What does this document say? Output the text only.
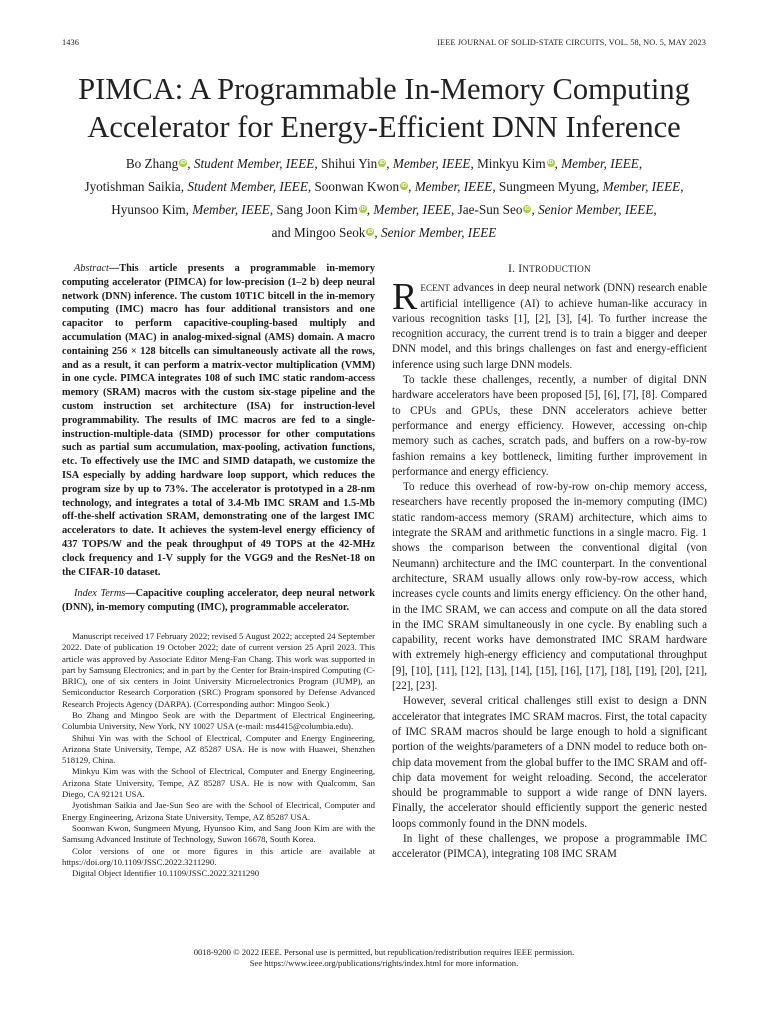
1436	IEEE JOURNAL OF SOLID-STATE CIRCUITS, VOL. 58, NO. 5, MAY 2023
PIMCA: A Programmable In-Memory Computing
Accelerator for Energy-Efficient DNN Inference
Bo Zhang iD, Student Member, IEEE, Shihui Yin iD, Member, IEEE, Minkyu Kim iD, Member, IEEE,
Jyotishman Saikia, Student Member, IEEE, Soonwan Kwon iD, Member, IEEE, Sungmeen Myung, Member, IEEE,
Hyunsoo Kim, Member, IEEE, Sang Joon Kim iD, Member, IEEE, Jae-Sun Seo iD, Senior Member, IEEE,
and Mingoo Seok iD, Senior Member, IEEE

Abstract—This article presents a programmable in-memory computing accelerator (PIMCA) for low-precision (1–2 b) deep neural network (DNN) inference. The custom 10T1C bitcell in the in-memory computing (IMC) macro has four additional transistors and one capacitor to perform capacitive-coupling-based multiply and accumulation (MAC) in analog-mixed-signal (AMS) domain. A macro containing 256 × 128 bitcells can simultaneously activate all the rows, and as a result, it can perform a matrix-vector multiplication (VMM) in one cycle. PIMCA integrates 108 of such IMC static random-access memory (SRAM) macros with the custom six-stage pipeline and the custom instruction set architecture (ISA) for instruction-level programmability. The results of IMC macros are fed to a single-instruction-multiple-data (SIMD) processor for other computations such as partial sum accumulation, max-pooling, activation functions, etc. To effectively use the IMC and SIMD datapath, we customize the ISA especially by adding hardware loop support, which reduces the program size by up to 73%. The accelerator is prototyped in a 28-nm technology, and integrates a total of 3.4-Mb IMC SRAM and 1.5-Mb off-the-shelf activation SRAM, demonstrating one of the largest IMC accelerators to date. It achieves the system-level energy efficiency of 437 TOPS/W and the peak throughput of 49 TOPS at the 42-MHz clock frequency and 1-V supply for the VGG9 and the ResNet-18 on the CIFAR-10 dataset.

Index Terms—Capacitive coupling accelerator, deep neural network (DNN), in-memory computing (IMC), programmable accelerator.

Manuscript received 17 February 2022; revised 5 August 2022; accepted 24 September 2022. Date of publication 19 October 2022; date of current version 25 April 2023. This article was approved by Associate Editor Meng-Fan Chang. This work was supported in part by Samsung Electronics; and in part by the Center for Brain-inspired Computing (C-BRIC), one of six centers in Joint University Microelectronics Program (JUMP), an Semiconductor Research Corporation (SRC) Program sponsored by Defense Advanced Research Projects Agency (DARPA). (Corresponding author: Mingoo Seok.)

Bo Zhang and Mingoo Seok are with the Department of Electrical Engineering, Columbia University, New York, NY 10027 USA (e-mail: ms4415@columbia.edu).

Shihui Yin was with the School of Electrical, Computer and Energy Engineering, Arizona State University, Tempe, AZ 85287 USA. He is now with Huawei, Shenzhen 518129, China.

Minkyu Kim was with the School of Electrical, Computer and Energy Engineering, Arizona State University, Tempe, AZ 85287 USA. He is now with Qualcomm, San Diego, CA 92121 USA.

Jyotishman Saikia and Jae-Sun Seo are with the School of Electrical, Computer and Energy Engineering, Arizona State University, Tempe, AZ 85287 USA.

Soonwan Kwon, Sungmeen Myung, Hyunsoo Kim, and Sang Joon Kim are with the Samsung Advanced Institute of Technology, Suwon 16678, South Korea.

Color versions of one or more figures in this article are available at https://doi.org/10.1109/JSSC.2022.3211290.

Digital Object Identifier 10.1109/JSSC.2022.3211290

I. INTRODUCTION

RECENT advances in deep neural network (DNN) research enable artificial intelligence (AI) to achieve human-like accuracy in various recognition tasks [1], [2], [3], [4]. To further increase the recognition accuracy, the current trend is to train a bigger and deeper DNN model, and this brings challenges on fast and energy-efficient inference using such large DNN models.

To tackle these challenges, recently, a number of digital DNN hardware accelerators have been proposed [5], [6], [7], [8]. Compared to CPUs and GPUs, these DNN accelerators achieve better performance and energy efficiency. However, accessing on-chip memory such as caches, scratch pads, and buffers on a row-by-row fashion remains a key bottleneck, limiting further improvement in performance and energy efficiency.

To reduce this overhead of row-by-row on-chip memory access, researchers have recently proposed the in-memory computing (IMC) static random-access memory (SRAM) architecture, which aims to integrate the SRAM and arithmetic functions in a single macro. Fig. 1 shows the comparison between the conventional digital (von Neumann) architecture and the IMC counterpart. In the conventional architecture, SRAM usually allows only row-by-row access, which increases cycle counts and limits energy efficiency. On the other hand, in the IMC SRAM, we can access and compute on all the data stored in the IMC SRAM simultaneously in one cycle. By enabling such a capability, recent works have demonstrated IMC SRAM hardware with extremely high-energy efficiency and computational throughput [9], [10], [11], [12], [13], [14], [15], [16], [17], [18], [19], [20], [21], [22], [23].

However, several critical challenges still exist to design a DNN accelerator that integrates IMC SRAM macros. First, the total capacity of IMC SRAM macros should be large enough to hold a significant portion of the weights/parameters of a DNN model to reduce both on-chip data movement from the global buffer to the IMC SRAM and off-chip data movement for weight reloading. Second, the accelerator should be programmable to support a wide range of DNN layers. Finally, the accelerator should efficiently support the generic nested loops commonly found in the DNN models.

In light of these challenges, we propose a programmable IMC accelerator (PIMCA), integrating 108 IMC SRAM

0018-9200 © 2022 IEEE. Personal use is permitted, but republication/redistribution requires IEEE permission.
See https://www.ieee.org/publications/rights/index.html for more information.
